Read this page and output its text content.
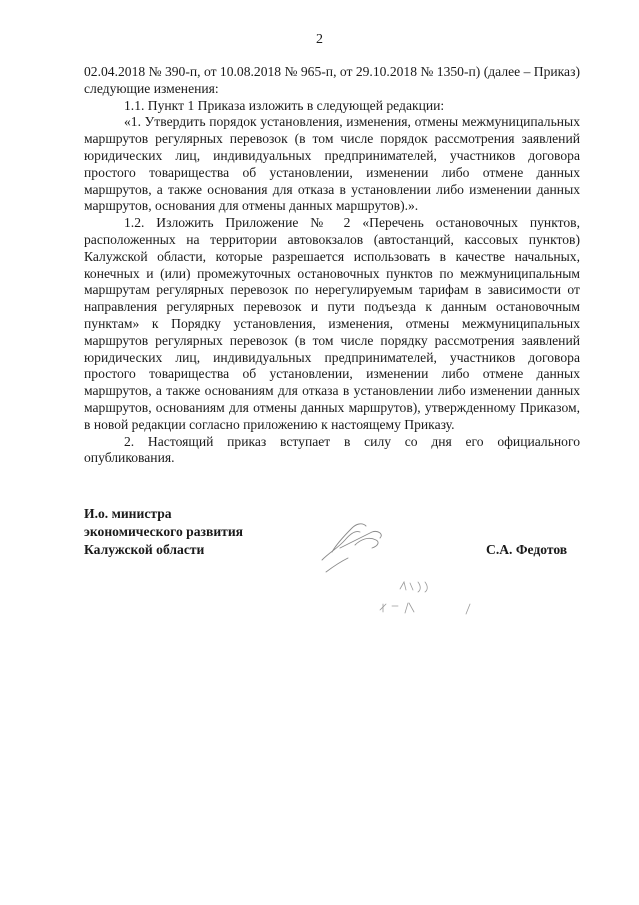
2

02.04.2018 № 390-п, от 10.08.2018 № 965-п, от 29.10.2018 № 1350-п) (далее – Приказ) следующие изменения:

1.1. Пункт 1 Приказа изложить в следующей редакции:

«1. Утвердить порядок установления, изменения, отмены межмуниципальных маршрутов регулярных перевозок (в том числе порядок рассмотрения заявлений юридических лиц, индивидуальных предпринимателей, участников договора простого товарищества об установлении, изменении либо отмене данных маршрутов, а также основания для отказа в установлении либо изменении данных маршрутов, основания для отмены данных маршрутов).».

1.2. Изложить Приложение № 2 «Перечень остановочных пунктов, расположенных на территории автовокзалов (автостанций, кассовых пунктов) Калужской области, которые разрешается использовать в качестве начальных, конечных и (или) промежуточных остановочных пунктов по межмуниципальным маршрутам регулярных перевозок по нерегулируемым тарифам в зависимости от направления регулярных перевозок и пути подъезда к данным остановочным пунктам» к Порядку установления, изменения, отмены межмуниципальных маршрутов регулярных перевозок (в том числе порядку рассмотрения заявлений юридических лиц, индивидуальных предпринимателей, участников договора простого товарищества об установлении, изменении либо отмене данных маршрутов, а также основаниям для отказа в установлении либо изменении данных маршрутов, основаниям для отмены данных маршрутов), утвержденному Приказом, в новой редакции согласно приложению к настоящему Приказу.

2. Настоящий приказ вступает в силу со дня его официального опубликования.

И.о. министра
экономического развития
Калужской области	С.А. Федотов
